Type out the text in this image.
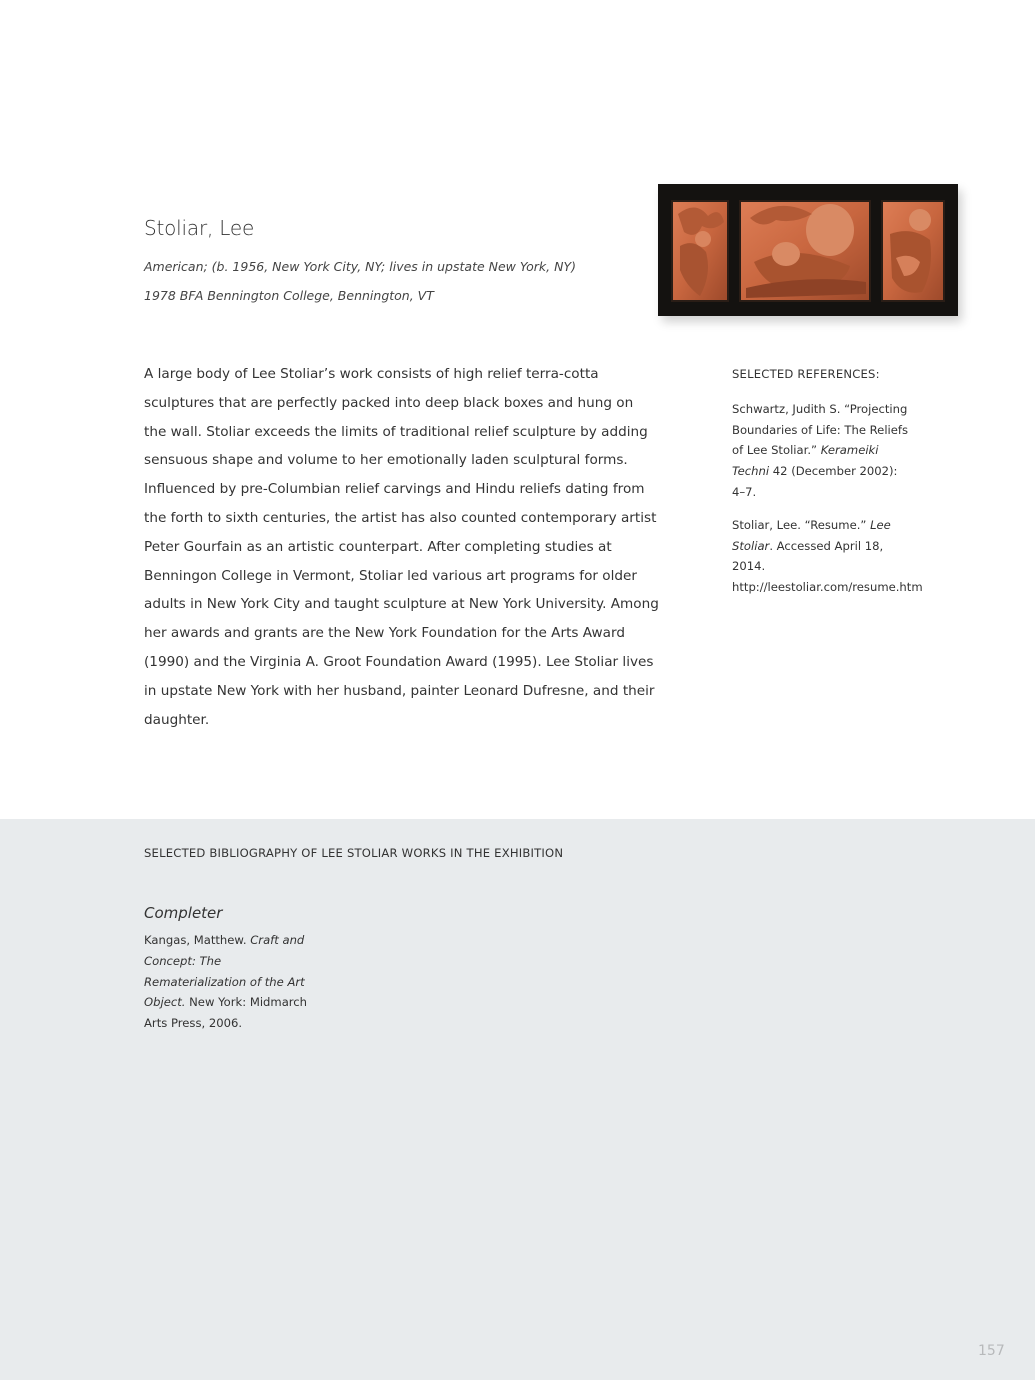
Stoliar, Lee
American; (b. 1956, New York City, NY; lives in upstate New York, NY)
1978 BFA Bennington College, Bennington, VT

A large body of Lee Stoliar’s work consists of high relief terra-cotta sculptures that are perfectly packed into deep black boxes and hung on the wall. Stoliar exceeds the limits of traditional relief sculpture by adding sensuous shape and volume to her emotionally laden sculptural forms. Influenced by pre-Columbian relief carvings and Hindu reliefs dating from the forth to sixth centuries, the artist has also counted contemporary artist Peter Gourfain as an artistic counterpart. After completing studies at Benningon College in Vermont, Stoliar led various art programs for older adults in New York City and taught sculpture at New York University. Among her awards and grants are the New York Foundation for the Arts Award (1990) and the Virginia A. Groot Foundation Award (1995). Lee Stoliar lives in upstate New York with her husband, painter Leonard Dufresne, and their daughter.

SELECTED REFERENCES:
Schwartz, Judith S. “Projecting Boundaries of Life: The Reliefs of Lee Stoliar.” Kerameiki Techni 42 (December 2002): 4–7.
Stoliar, Lee. “Resume.” Lee Stoliar. Accessed April 18, 2014. http://leestoliar.com/resume.htm
SELECTED BIBLIOGRAPHY OF LEE STOLIAR WORKS IN THE EXHIBITION
Completer
Kangas, Matthew. Craft and Concept: The Rematerialization of the Art Object. New York: Midmarch Arts Press, 2006.
157
